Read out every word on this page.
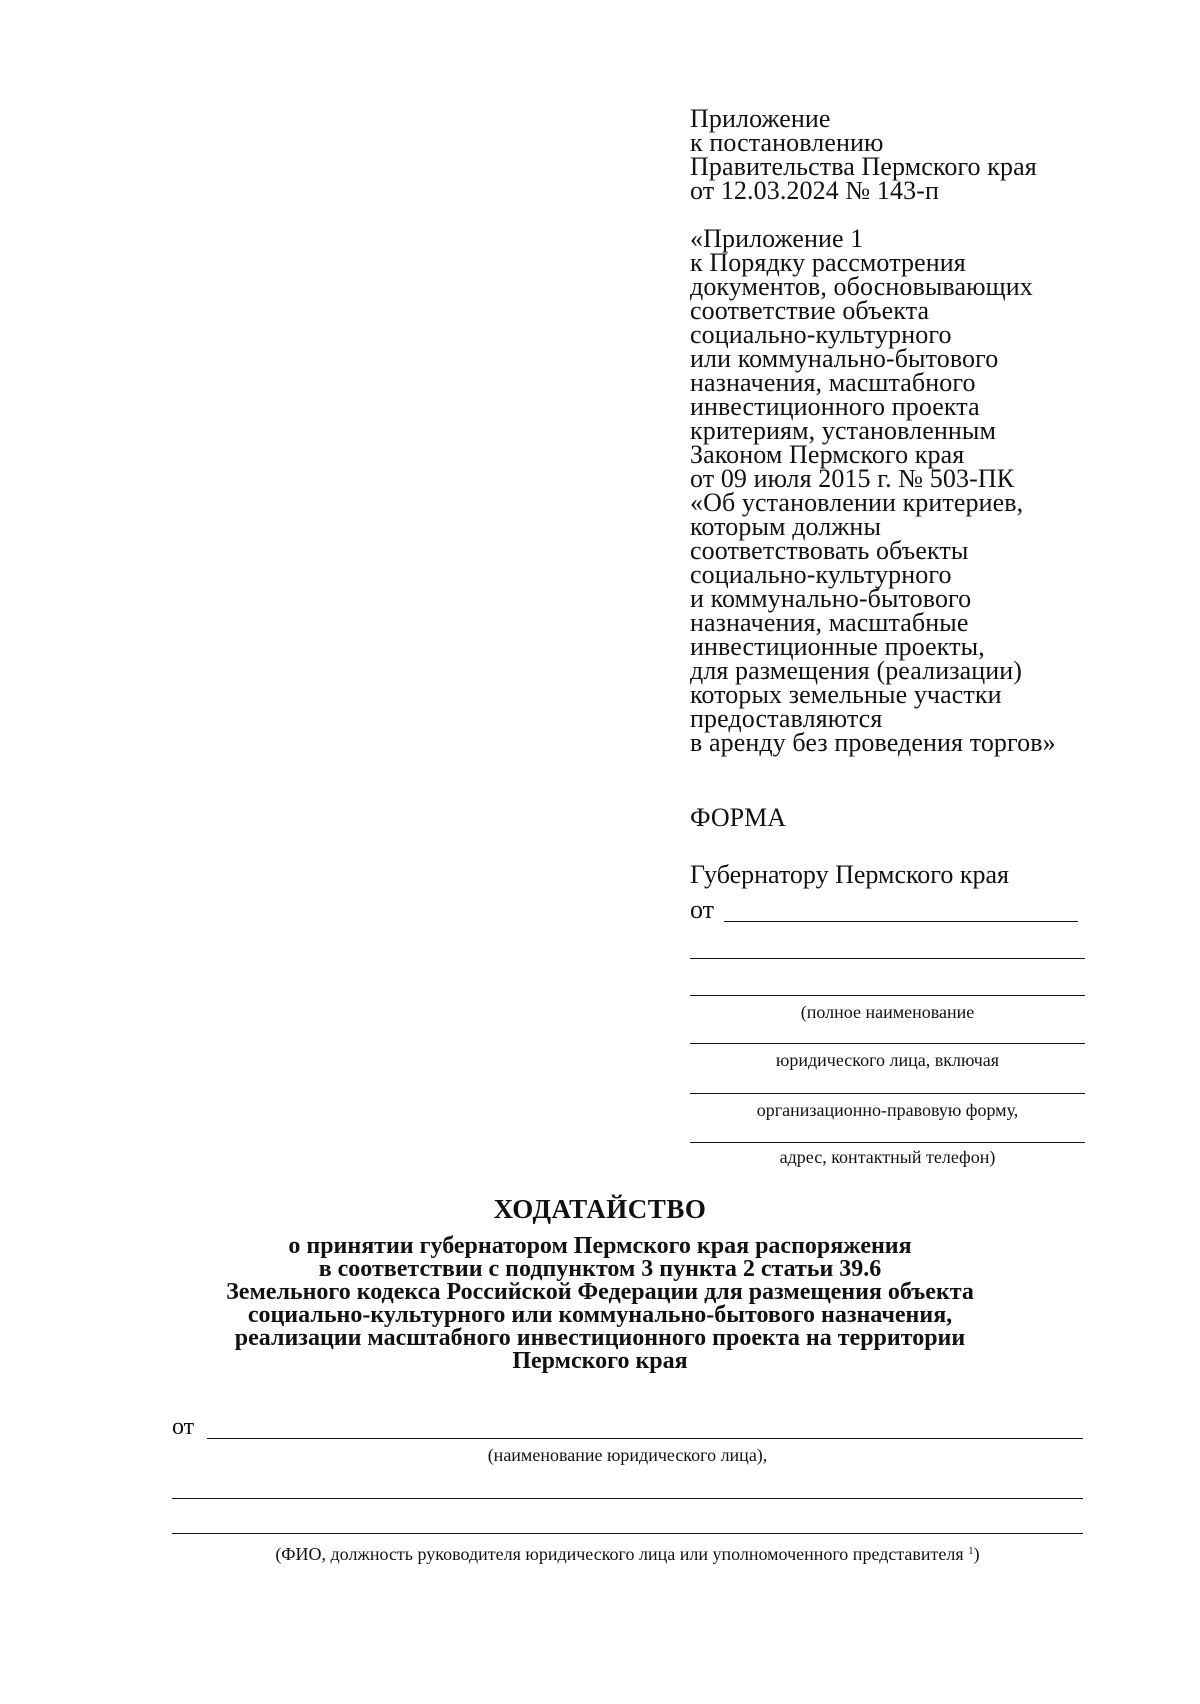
Приложение
к постановлению
Правительства Пермского края
от 12.03.2024 № 143-п
«Приложение 1
к Порядку рассмотрения
документов, обосновывающих
соответствие объекта
социально-культурного
или коммунально-бытового
назначения, масштабного
инвестиционного проекта
критериям, установленным
Законом Пермского края
от 09 июля 2015 г. № 503-ПК
«Об установлении критериев,
которым должны
соответствовать объекты
социально-культурного
и коммунально-бытового
назначения, масштабные
инвестиционные проекты,
для размещения (реализации)
которых земельные участки
предоставляются
в аренду без проведения торгов»
ФОРМА
Губернатору Пермского края
от
(полное наименование
юридического лица, включая
организационно-правовую форму,
адрес, контактный телефон)
ХОДАТАЙСТВО
о принятии губернатором Пермского края распоряжения
в соответствии с подпунктом 3 пункта 2 статьи 39.6
Земельного кодекса Российской Федерации для размещения объекта
социально-культурного или коммунально-бытового назначения,
реализации масштабного инвестиционного проекта на территории
Пермского края
от
(наименование юридического лица),
(ФИО, должность руководителя юридического лица или уполномоченного представителя $^1$)
